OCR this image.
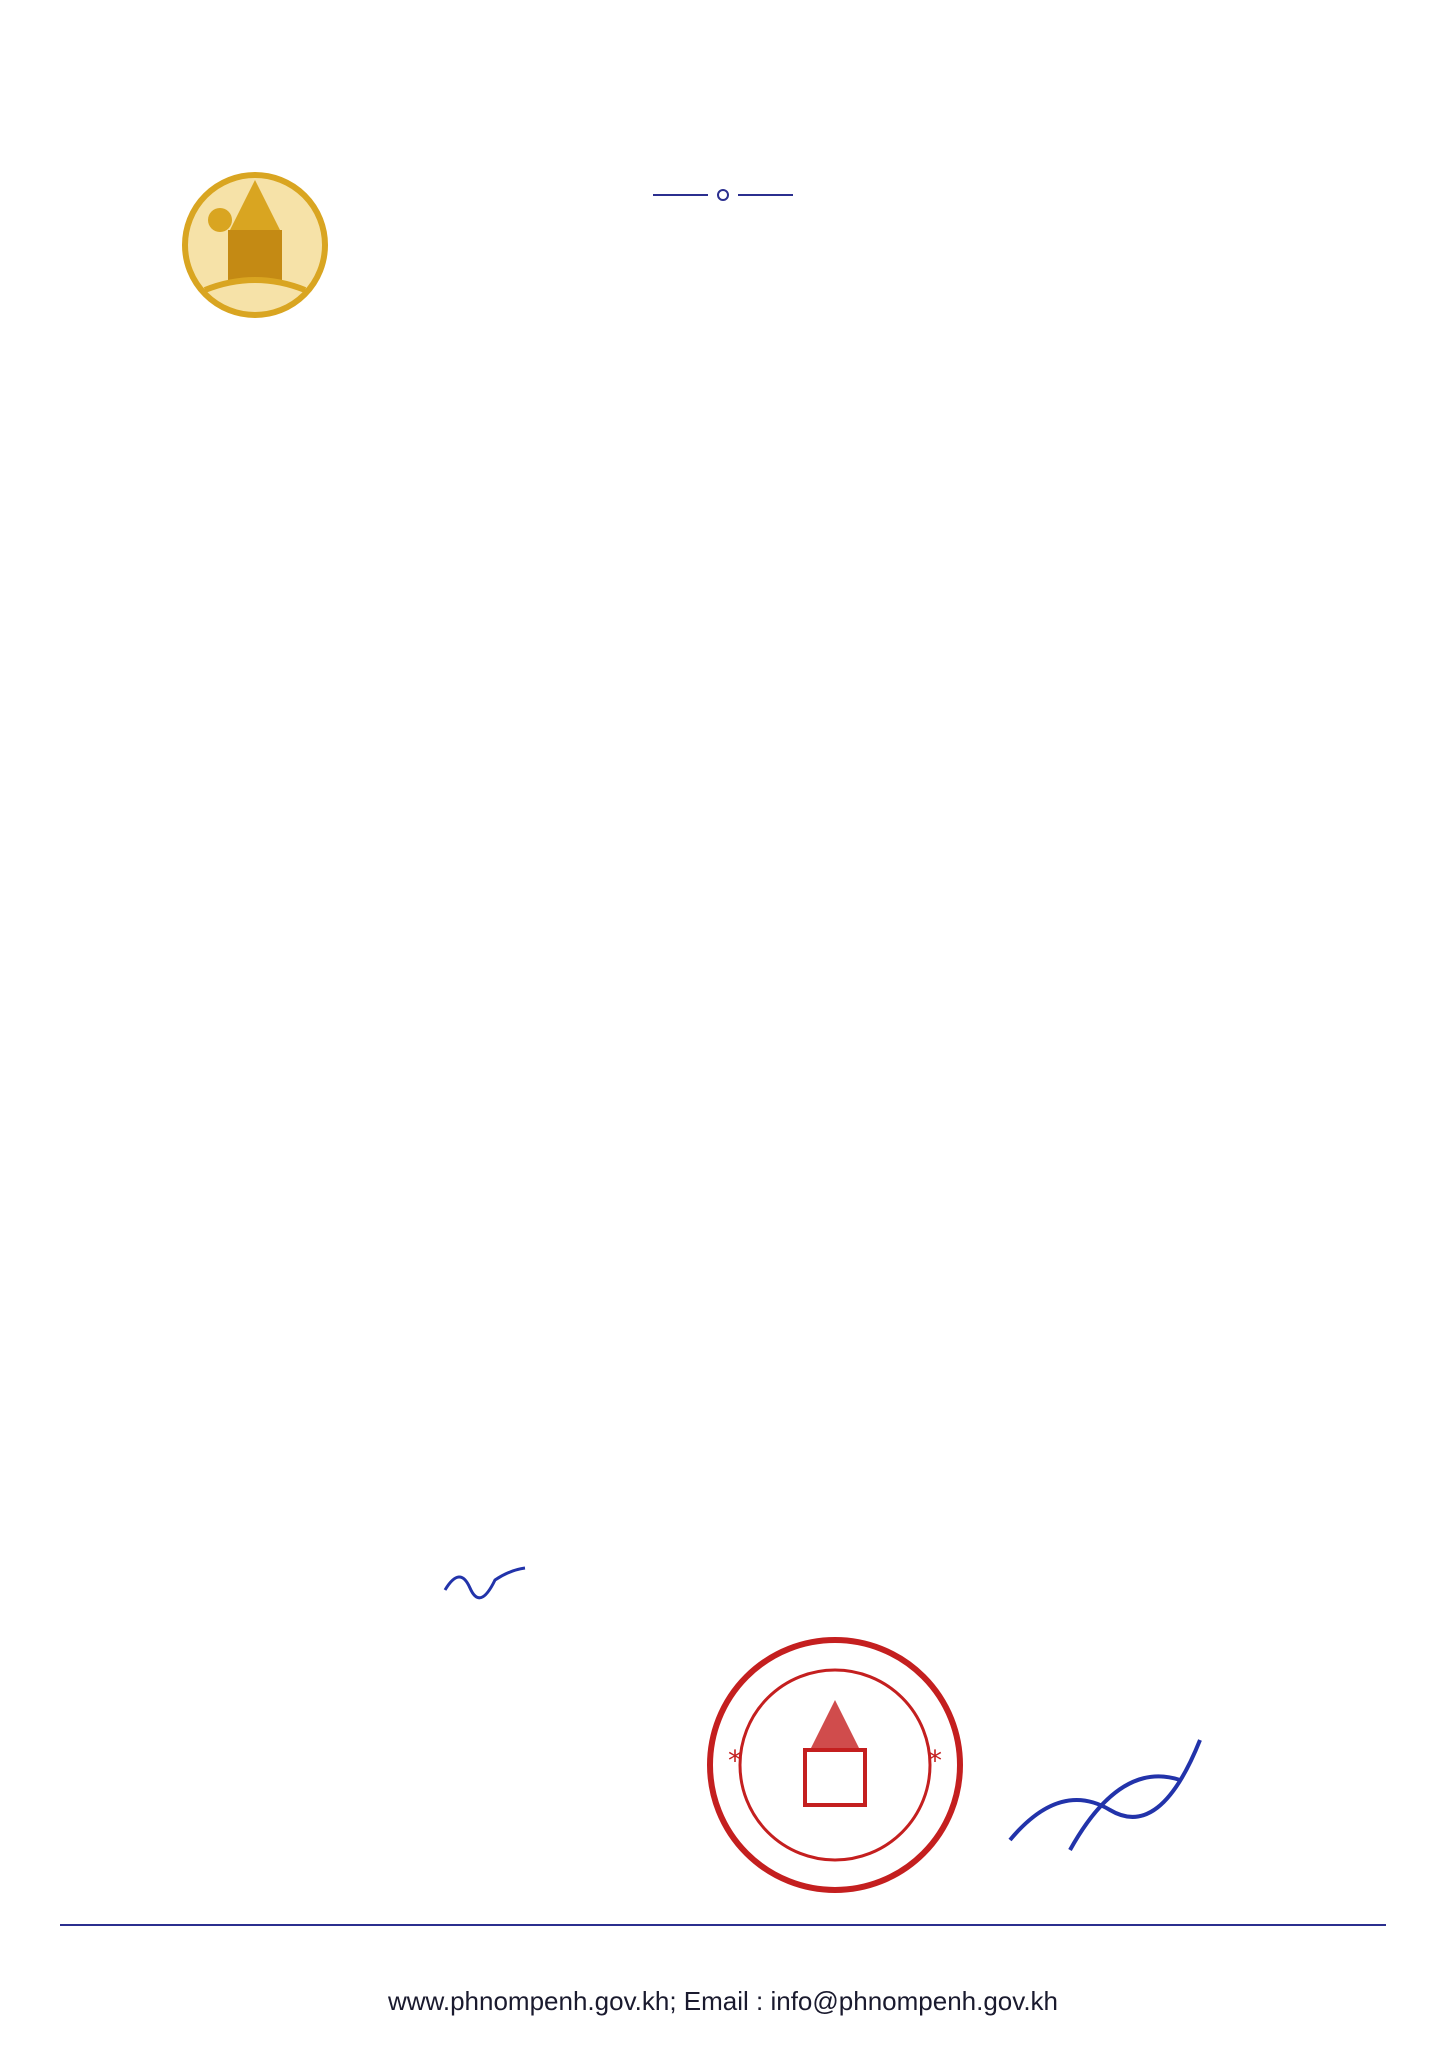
*	*
www.phnompenh.gov.kh; Email : info@phnompenh.gov.kh
